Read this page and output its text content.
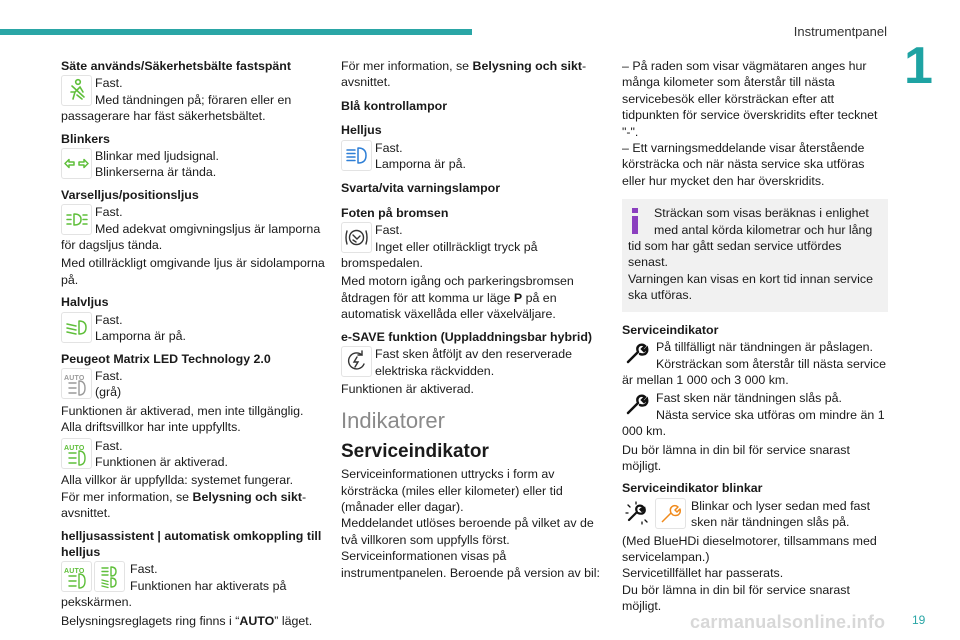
Instrumentpanel
1
Säte används/Säkerhetsbälte fastspänt
Fast.
Med tändningen på; föraren eller en passagerare har fäst säkerhetsbältet.
Blinkers
Blinkar med ljudsignal.
Blinkerserna är tända.
Varselljus/positionsljus
Fast.
Med adekvat omgivningsljus är lamporna för dagsljus tända.
Med otillräckligt omgivande ljus är sidolamporna på.
Halvljus
Fast.
Lamporna är på.
Peugeot Matrix LED Technology 2.0
AUTO Fast.
(grå)
Funktionen är aktiverad, men inte tillgänglig.
Alla driftsvillkor har inte uppfyllts.
AUTO Fast.
Funktionen är aktiverad.
Alla villkor är uppfyllda: systemet fungerar.
För mer information, se Belysning och sikt-avsnittet.
helljusassistent | automatisk omkoppling till helljus
AUTO	Fast.
Funktionen har aktiverats på pekskärmen.
Belysningsreglagets ring finns i “AUTO” läget.
För mer information, se Belysning och sikt-avsnittet.
Blå kontrollampor
Helljus
Fast.
Lamporna är på.
Svarta/vita varningslampor
Foten på bromsen
Fast.
Inget eller otillräckligt tryck på bromspedalen.
Med motorn igång och parkeringsbromsen åtdragen för att komma ur läge P på en automatisk växellåda eller växelväljare.
e-SAVE funktion (Uppladdningsbar hybrid)
Fast sken åtföljt av den reserverade elektriska räckvidden.
Funktionen är aktiverad.
Indikatorer
Serviceindikator
Serviceinformationen uttrycks i form av körsträcka (miles eller kilometer) eller tid (månader eller dagar).
Meddelandet utlöses beroende på vilket av de två villkoren som uppfylls först.
Serviceinformationen visas på instrumentpanelen. Beroende på version av bil:
– På raden som visar vägmätaren anges hur många kilometer som återstår till nästa servicebesök eller körsträckan efter att tidpunkten för service överskridits efter tecknet "-".
– Ett varningsmeddelande visar återstående körsträcka och när nästa service ska utföras eller hur mycket den har överskridits.
Sträckan som visas beräknas i enlighet med antal körda kilometrar och hur lång tid som har gått sedan service utfördes senast.
Varningen kan visas en kort tid innan service ska utföras.
Serviceindikator
På tillfälligt när tändningen är påslagen.
Körsträckan som återstår till nästa service är mellan 1 000 och 3 000 km.
Fast sken när tändningen slås på.
Nästa service ska utföras om mindre än 1 000 km.
Du bör lämna in din bil för service snarast möjligt.
Serviceindikator blinkar
Blinkar och lyser sedan med fast sken när tändningen slås på.
(Med BlueHDi dieselmotorer, tillsammans med servicelampan.)
Servicetillfället har passerats.
Du bör lämna in din bil för service snarast möjligt.
carmanualsonline.info 19
